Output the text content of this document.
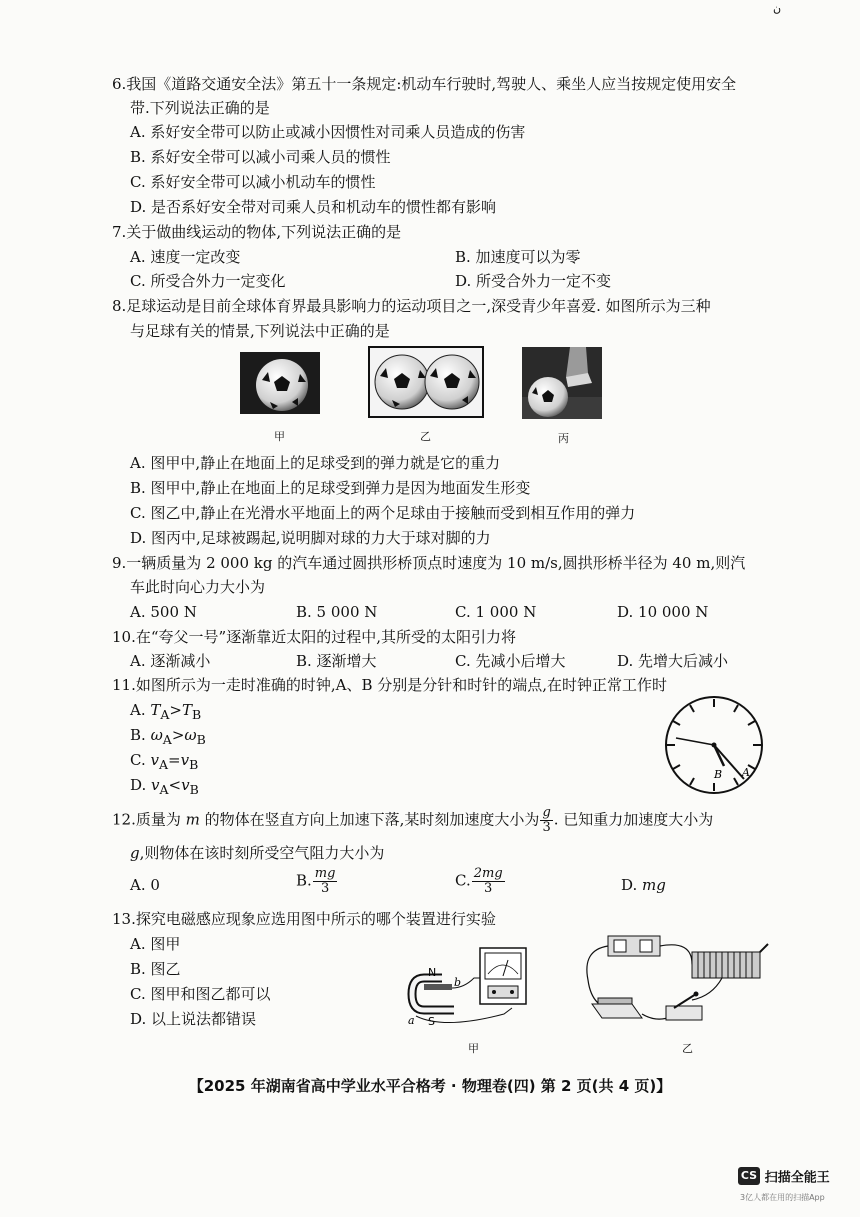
ن
6.我国《道路交通安全法》第五十一条规定:机动车行驶时,驾驶人、乘坐人应当按规定使用安全
带.下列说法正确的是
A. 系好安全带可以防止或减小因惯性对司乘人员造成的伤害
B. 系好安全带可以减小司乘人员的惯性
C. 系好安全带可以减小机动车的惯性
D. 是否系好安全带对司乘人员和机动车的惯性都有影响
7.关于做曲线运动的物体,下列说法正确的是
A. 速度一定改变	B. 加速度可以为零
C. 所受合外力一定变化	D. 所受合外力一定不变
8.足球运动是目前全球体育界最具影响力的运动项目之一,深受青少年喜爱. 如图所示为三种
与足球有关的情景,下列说法中正确的是
甲	乙	丙
A. 图甲中,静止在地面上的足球受到的弹力就是它的重力
B. 图甲中,静止在地面上的足球受到弹力是因为地面发生形变
C. 图乙中,静止在光滑水平地面上的两个足球由于接触而受到相互作用的弹力
D. 图丙中,足球被踢起,说明脚对球的力大于球对脚的力
9.一辆质量为 2 000 kg 的汽车通过圆拱形桥顶点时速度为 10 m/s,圆拱形桥半径为 40 m,则汽
车此时向心力大小为
A. 500 N	B. 5 000 N	C. 1 000 N	D. 10 000 N
10.在“夸父一号”逐渐靠近太阳的过程中,其所受的太阳引力将
A. 逐渐减小	B. 逐渐增大	C. 先减小后增大	D. 先增大后减小
11.如图所示为一走时准确的时钟,A、B 分别是分针和时针的端点,在时钟正常工作时
A. $T_A>T_B$
B. $\omega_A>\omega_B$
C. $v_A=v_B$
D. $v_A<v_B$
B A
12.质量为 m 的物体在竖直方向上加速下落,某时刻加速度大小为 $\frac{g}{3}$ . 已知重力加速度大小为
g,则物体在该时刻所受空气阻力大小为
A. 0	B. $\frac{mg}{3}$	C. $\frac{2mg}{3}$	D. mg
13.探究电磁感应现象应选用图中所示的哪个装置进行实验
A. 图甲
B. 图乙
C. 图甲和图乙都可以
D. 以上说法都错误
N
S
a
b
甲	乙
【2025 年湖南省高中学业水平合格考 · 物理卷(四) 第 2 页(共 4 页)】
CS 扫描全能王
3亿人都在用的扫描App
